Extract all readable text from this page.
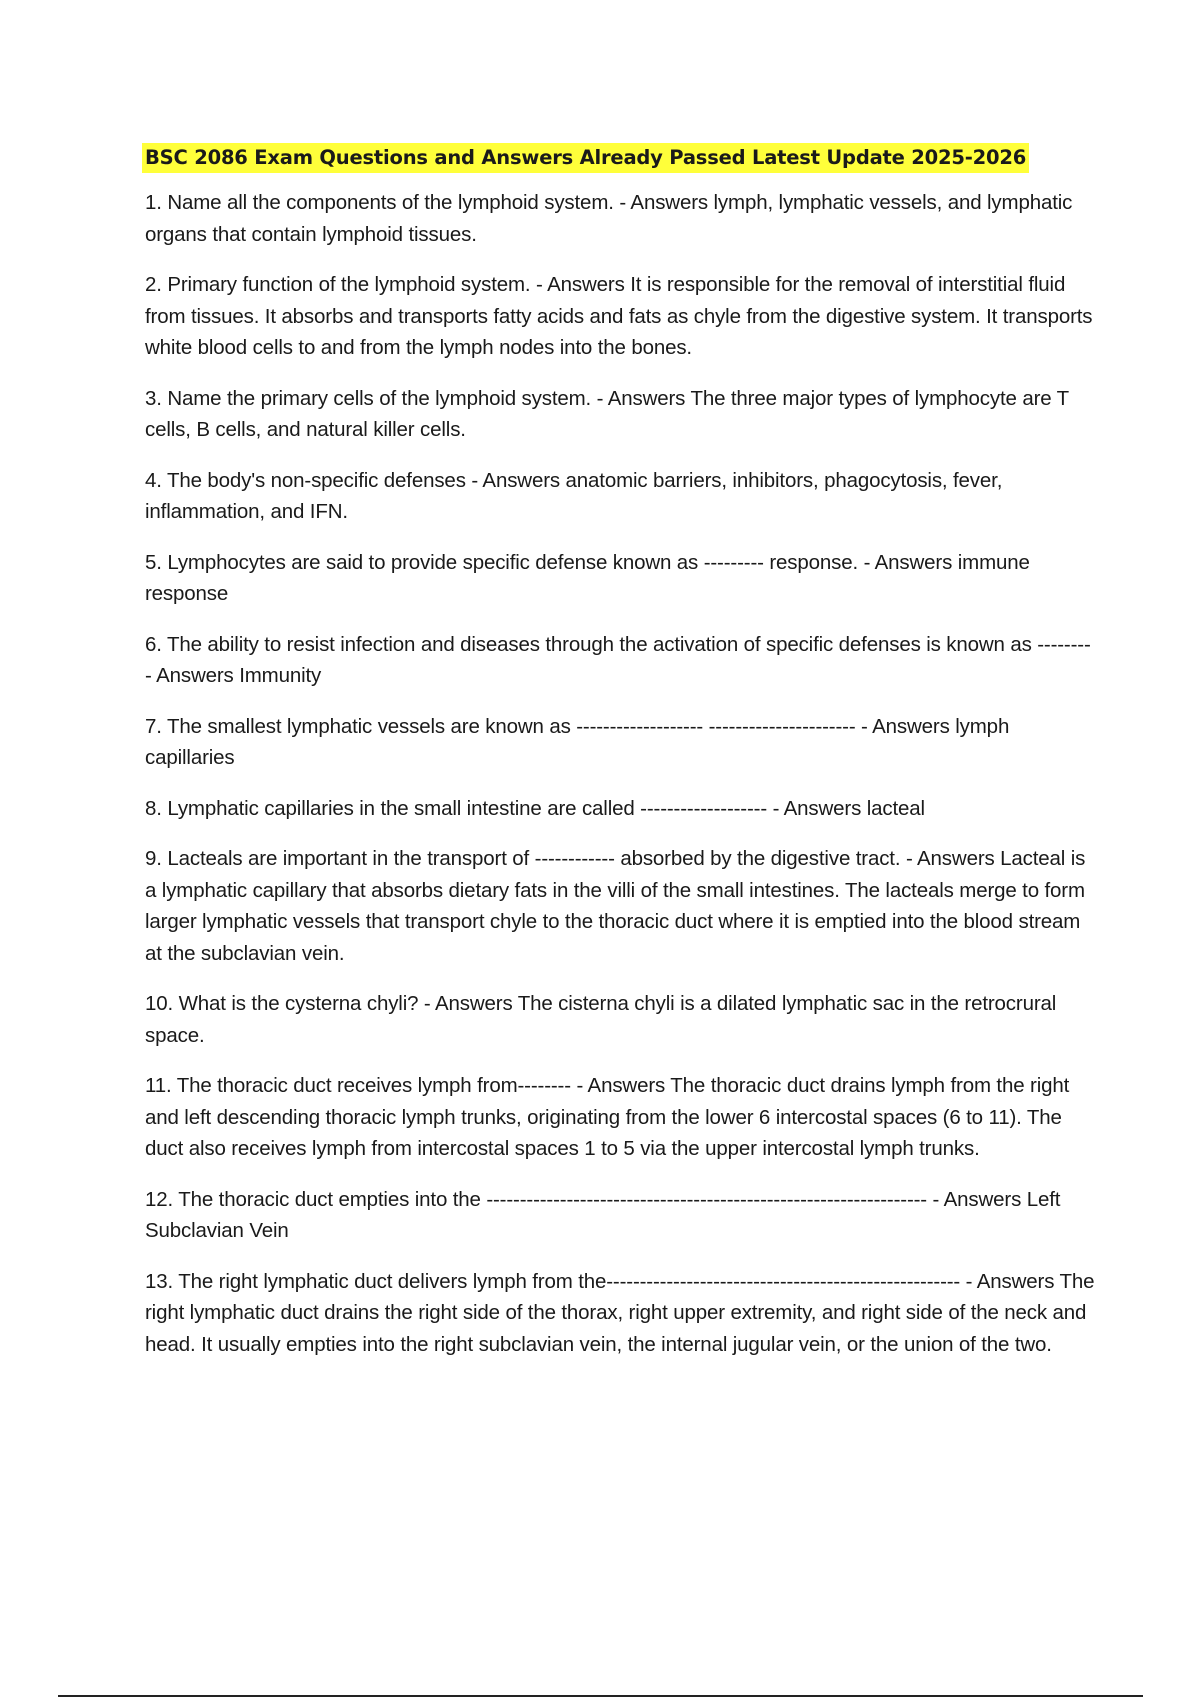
BSC 2086 Exam Questions and Answers Already Passed Latest Update 2025-2026

1. Name all the components of the lymphoid system. - Answers lymph, lymphatic vessels, and lymphatic organs that contain lymphoid tissues.

2. Primary function of the lymphoid system. - Answers It is responsible for the removal of interstitial fluid from tissues. It absorbs and transports fatty acids and fats as chyle from the digestive system. It transports white blood cells to and from the lymph nodes into the bones.

3. Name the primary cells of the lymphoid system. - Answers The three major types of lymphocyte are T cells, B cells, and natural killer cells.

4. The body's non-specific defenses - Answers anatomic barriers, inhibitors, phagocytosis, fever, inflammation, and IFN.

5. Lymphocytes are said to provide specific defense known as --------- response. - Answers immune response

6. The ability to resist infection and diseases through the activation of specific defenses is known as -------- - Answers Immunity

7. The smallest lymphatic vessels are known as ------------------- ---------------------- - Answers lymph capillaries

8. Lymphatic capillaries in the small intestine are called ------------------- - Answers lacteal

9. Lacteals are important in the transport of ------------ absorbed by the digestive tract. - Answers Lacteal is a lymphatic capillary that absorbs dietary fats in the villi of the small intestines. The lacteals merge to form larger lymphatic vessels that transport chyle to the thoracic duct where it is emptied into the blood stream at the subclavian vein.

10. What is the cysterna chyli? - Answers The cisterna chyli is a dilated lymphatic sac in the retrocrural space.

11. The thoracic duct receives lymph from-------- - Answers The thoracic duct drains lymph from the right and left descending thoracic lymph trunks, originating from the lower 6 intercostal spaces (6 to 11). The duct also receives lymph from intercostal spaces 1 to 5 via the upper intercostal lymph trunks.

12. The thoracic duct empties into the ------------------------------------------------------------------ - Answers Left Subclavian Vein

13. The right lymphatic duct delivers lymph from the----------------------------------------------------- - Answers The right lymphatic duct drains the right side of the thorax, right upper extremity, and right side of the neck and head. It usually empties into the right subclavian vein, the internal jugular vein, or the union of the two.
